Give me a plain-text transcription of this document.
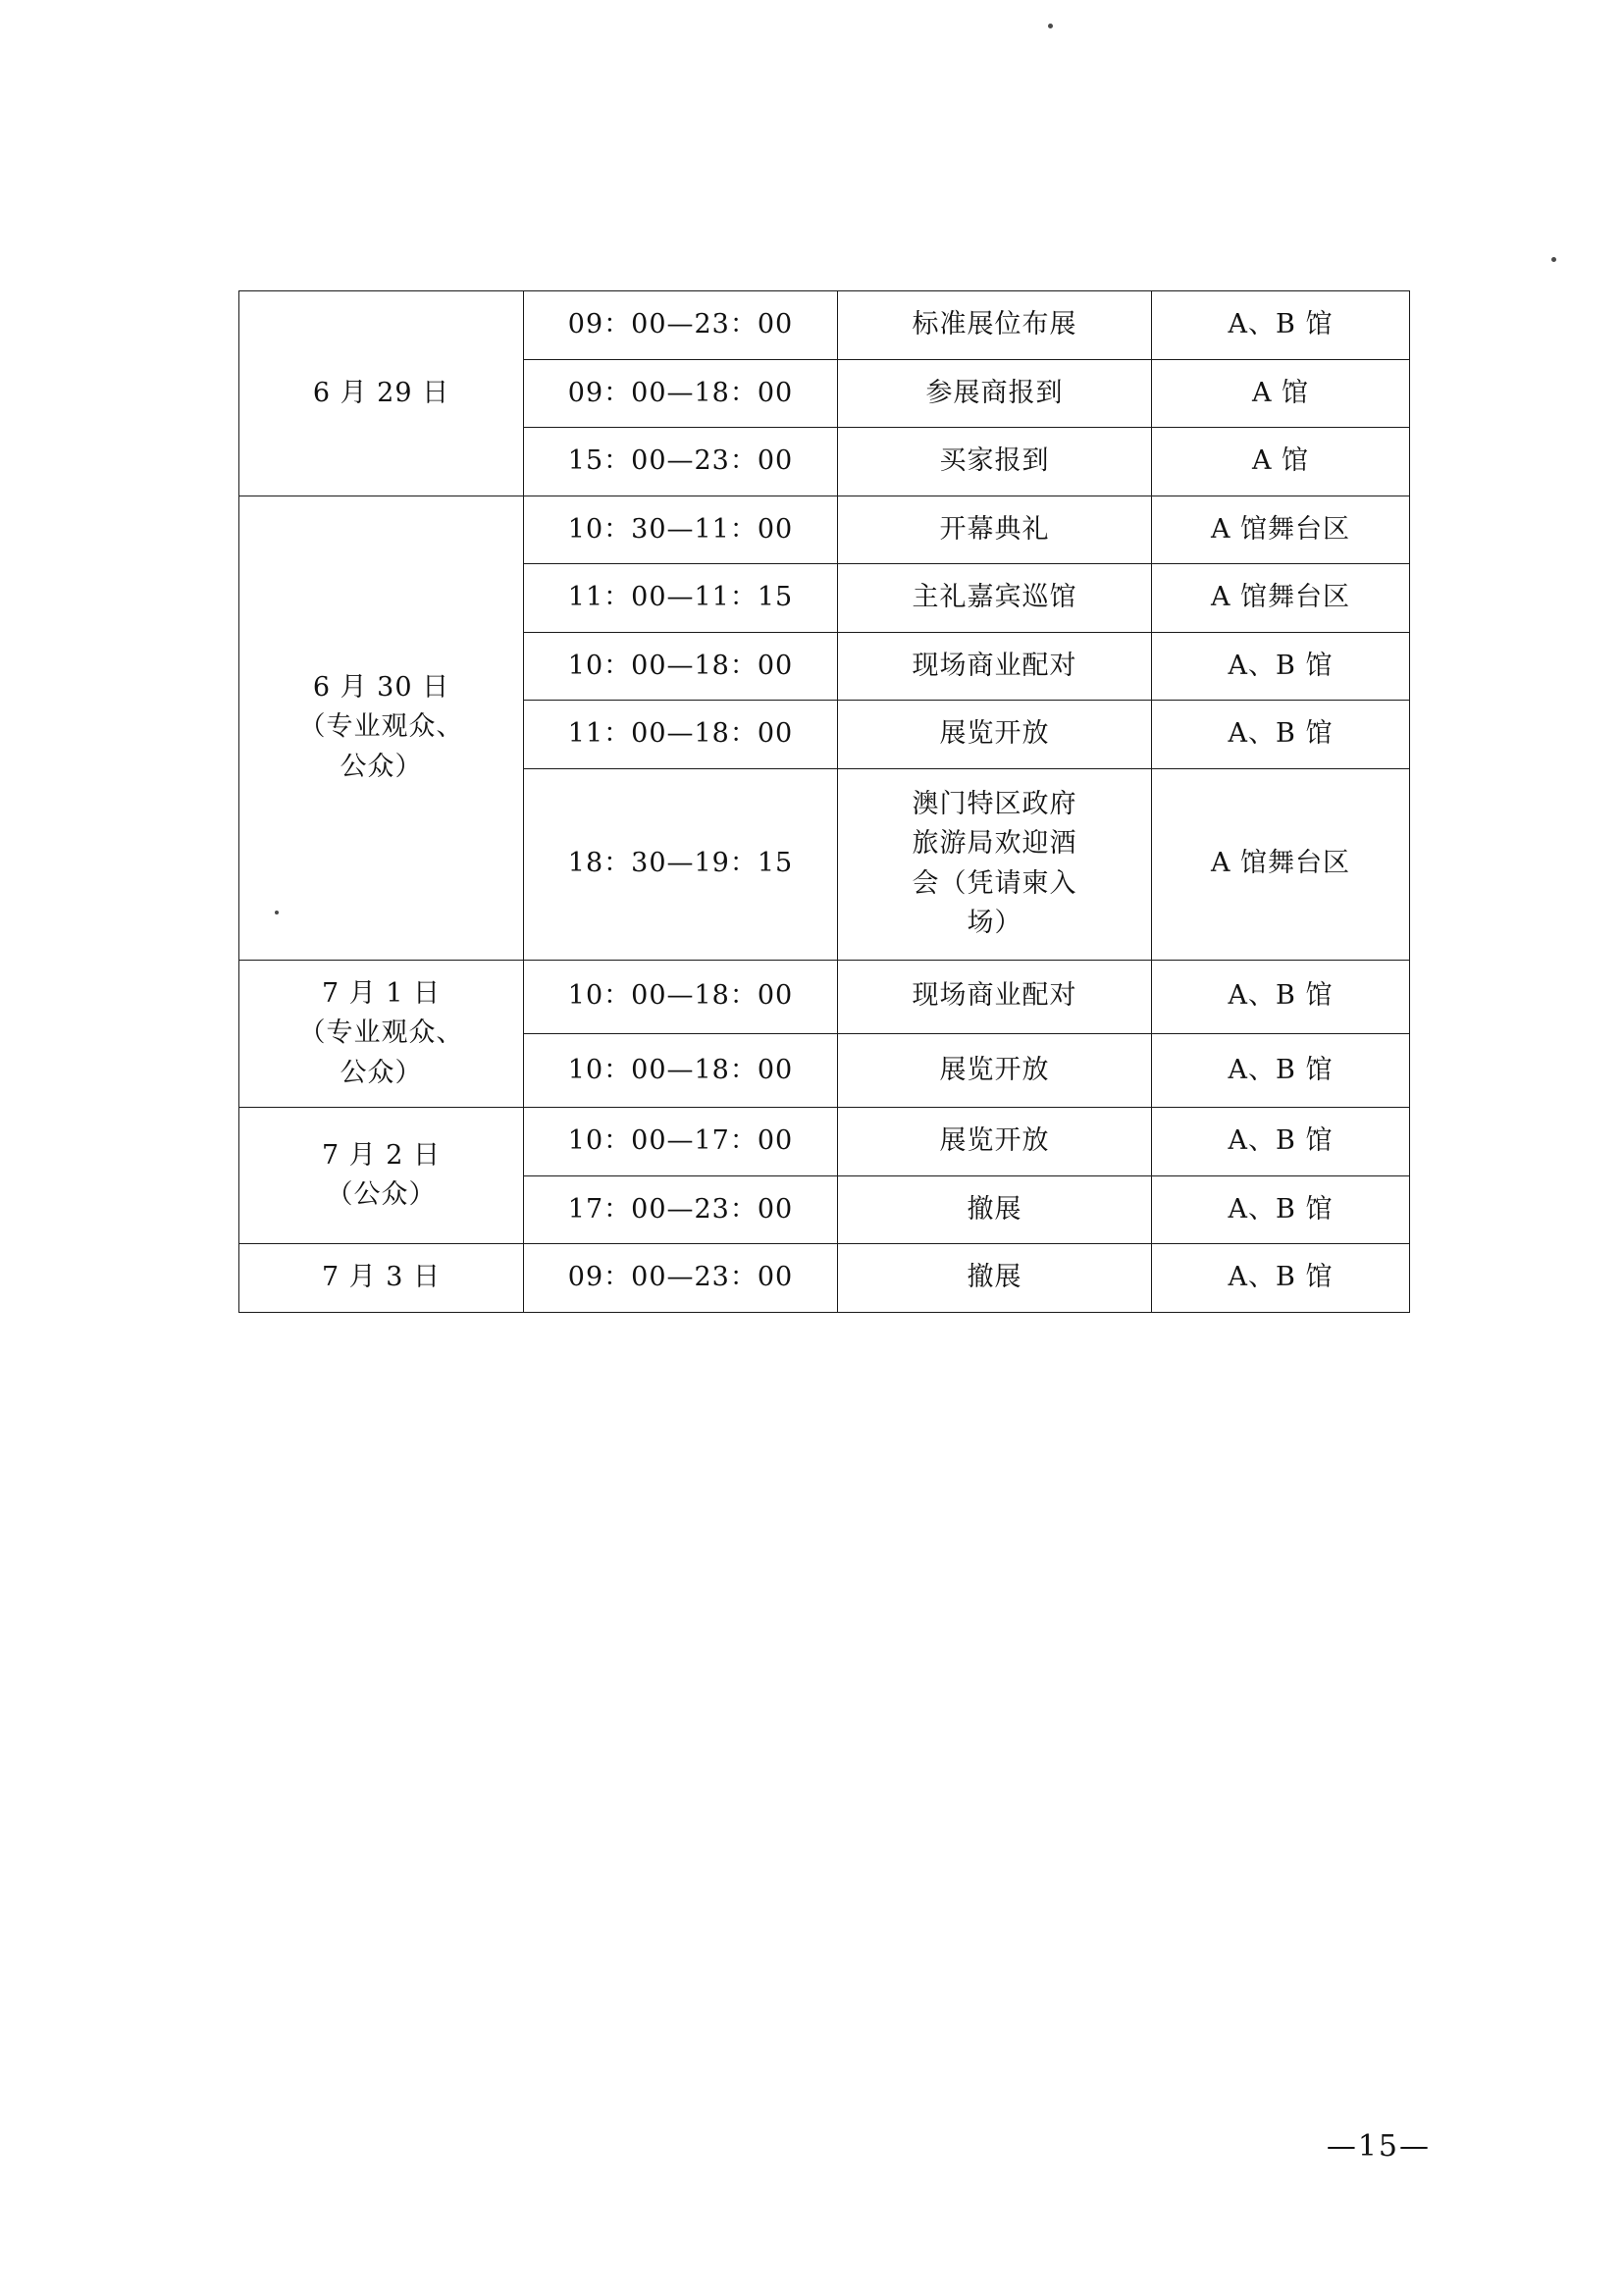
6 月 29 日	09：00—23：00	标准展位布展	A、B 馆

	09：00—18：00	参展商报到	A 馆

	15：00—23：00	买家报到	A 馆

6 月 30 日
（专业观众、
公众）	10：30—11：00	开幕典礼	A 馆舞台区

	11：00—11：15	主礼嘉宾巡馆	A 馆舞台区

	10：00—18：00	现场商业配对	A、B 馆

	11：00—18：00	展览开放	A、B 馆

	18：30—19：15	澳门特区政府
旅游局欢迎酒
会（凭请柬入
场）	A 馆舞台区

7 月 1 日
（专业观众、
公众）	10：00—18：00	现场商业配对	A、B 馆

	10：00—18：00	展览开放	A、B 馆

7 月 2 日
（公众）	10：00—17：00	展览开放	A、B 馆

	17：00—23：00	撤展	A、B 馆

7 月 3 日	09：00—23：00	撤展	A、B 馆
—15—
